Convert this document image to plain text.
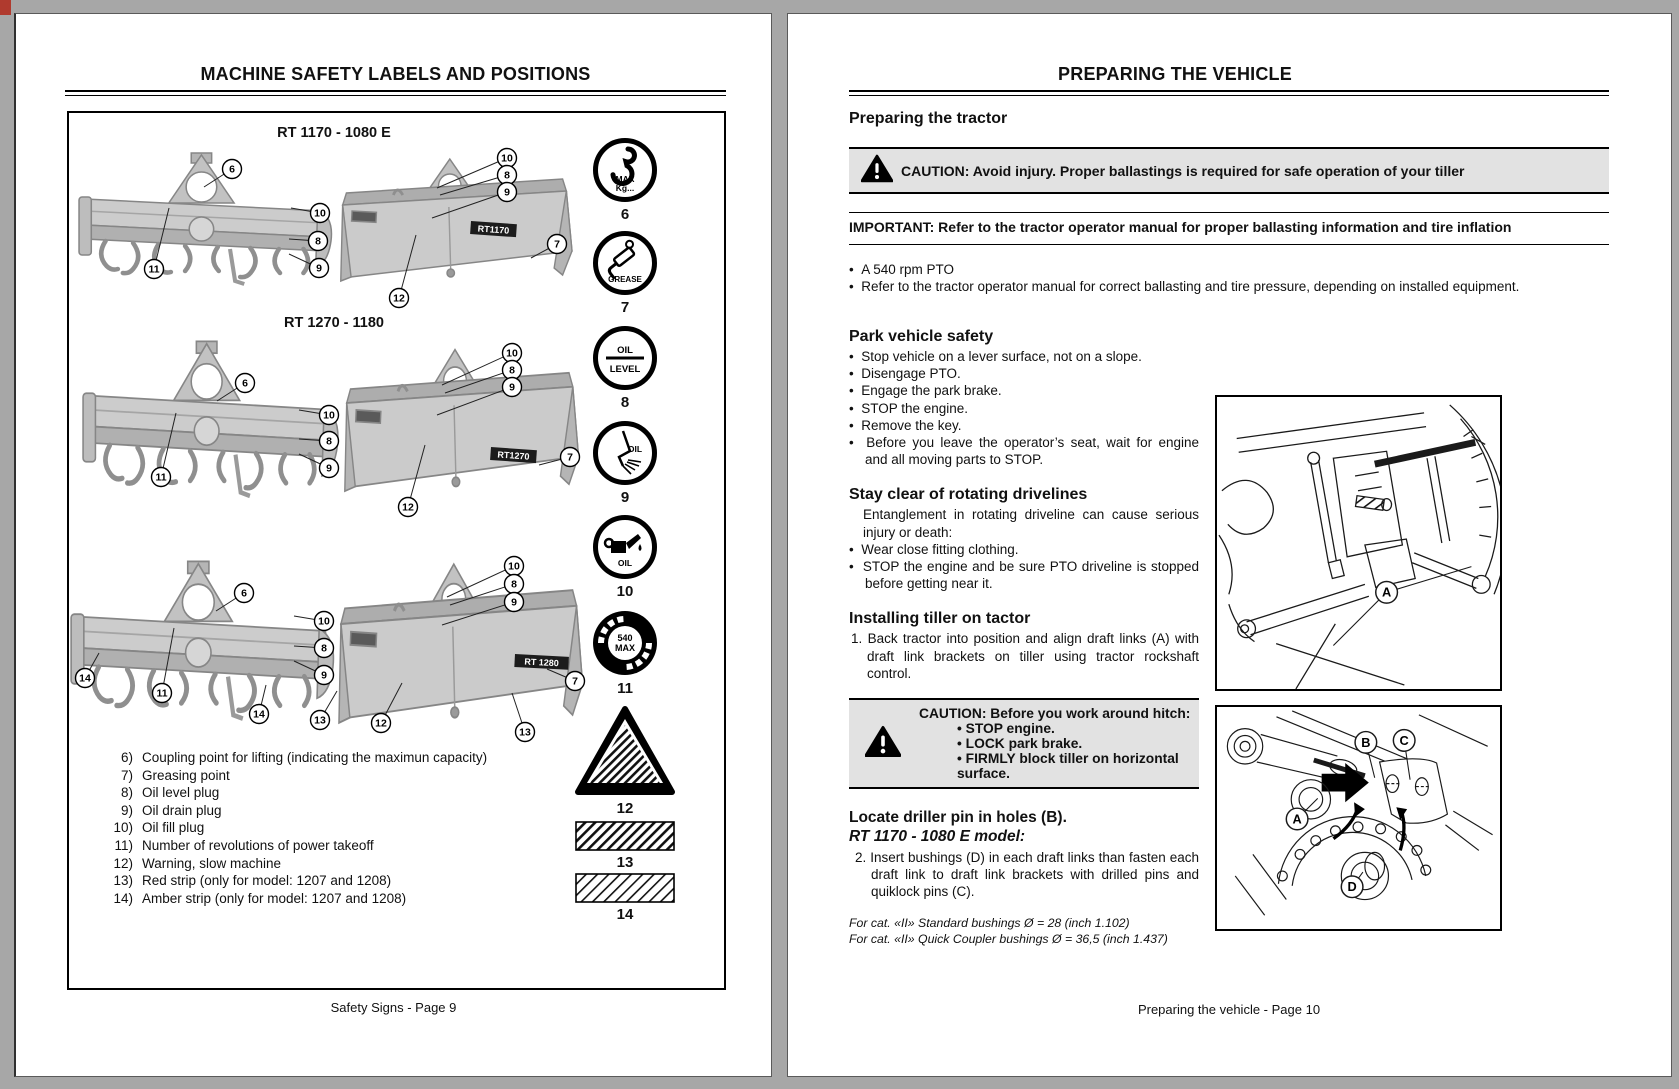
MACHINE SAFETY LABELS AND POSITIONS
RT 1170 - 1080 E
RT 1270 - 1180
RT1170
RT1270
RT 1280
6
10
8
9
11
10
8
9
7
12
6
10
8
9
11
10
8
9
7
12
6
10
8
9
14
11
14
10
8
9
7
13	12
13
MAX
Kg...
6
GREASE
7
OIL
LEVEL
8
OIL
9
OIL
10
540
MAX
11
12
13
14
6) Coupling point for lifting (indicating the maximun capacity)
7) Greasing point
8) Oil level plug
9) Oil drain plug
10) Oil fill plug
11) Number of revolutions of power takeoff
12) Warning, slow machine
13) Red strip (only for model: 1207 and 1208)
14) Amber strip (only for model: 1207 and 1208)
Safety Signs - Page 9
PREPARING THE VEHICLE
Preparing the tractor
CAUTION: Avoid injury. Proper ballastings is required for safe operation of your tiller
IMPORTANT: Refer to the tractor operator manual for proper ballasting information and tire inflation
•  A 540 rpm PTO
•  Refer to the tractor operator manual for correct ballasting and tire pressure, depending on installed equipment.
Park vehicle safety
•  Stop vehicle on a lever surface, not on a slope.
•  Disengage PTO.
•  Engage the park brake.
•  STOP the engine.
•  Remove the key.
•  Before you leave the operator’s seat, wait for engine and all moving parts to STOP.
Stay clear of rotating drivelines

Entanglement in rotating driveline can cause serious injury or death:

•  Wear close fitting clothing.
•  STOP the engine and be sure PTO driveline is stopped before getting near it.
Installing tiller on tactor

1. Back tractor into position and align draft links (A) with draft link brackets on tiller using tractor rockshaft control.

CAUTION: Before you work around hitch:
• STOP engine.
• LOCK park brake.
• FIRMLY block tiller on horizontal surface.
Locate driller pin in holes (B).
RT 1170 - 1080 E model:

2. Insert bushings (D) in each draft links than fasten each draft link to draft link brackets with drilled pins and quiklock pins (C).

For cat. «II» Standard bushings Ø = 28 (inch 1.102)
For cat. «II» Quick Coupler bushings Ø = 36,5 (inch 1.437)
A
B C
A
D
Preparing the vehicle - Page 10
